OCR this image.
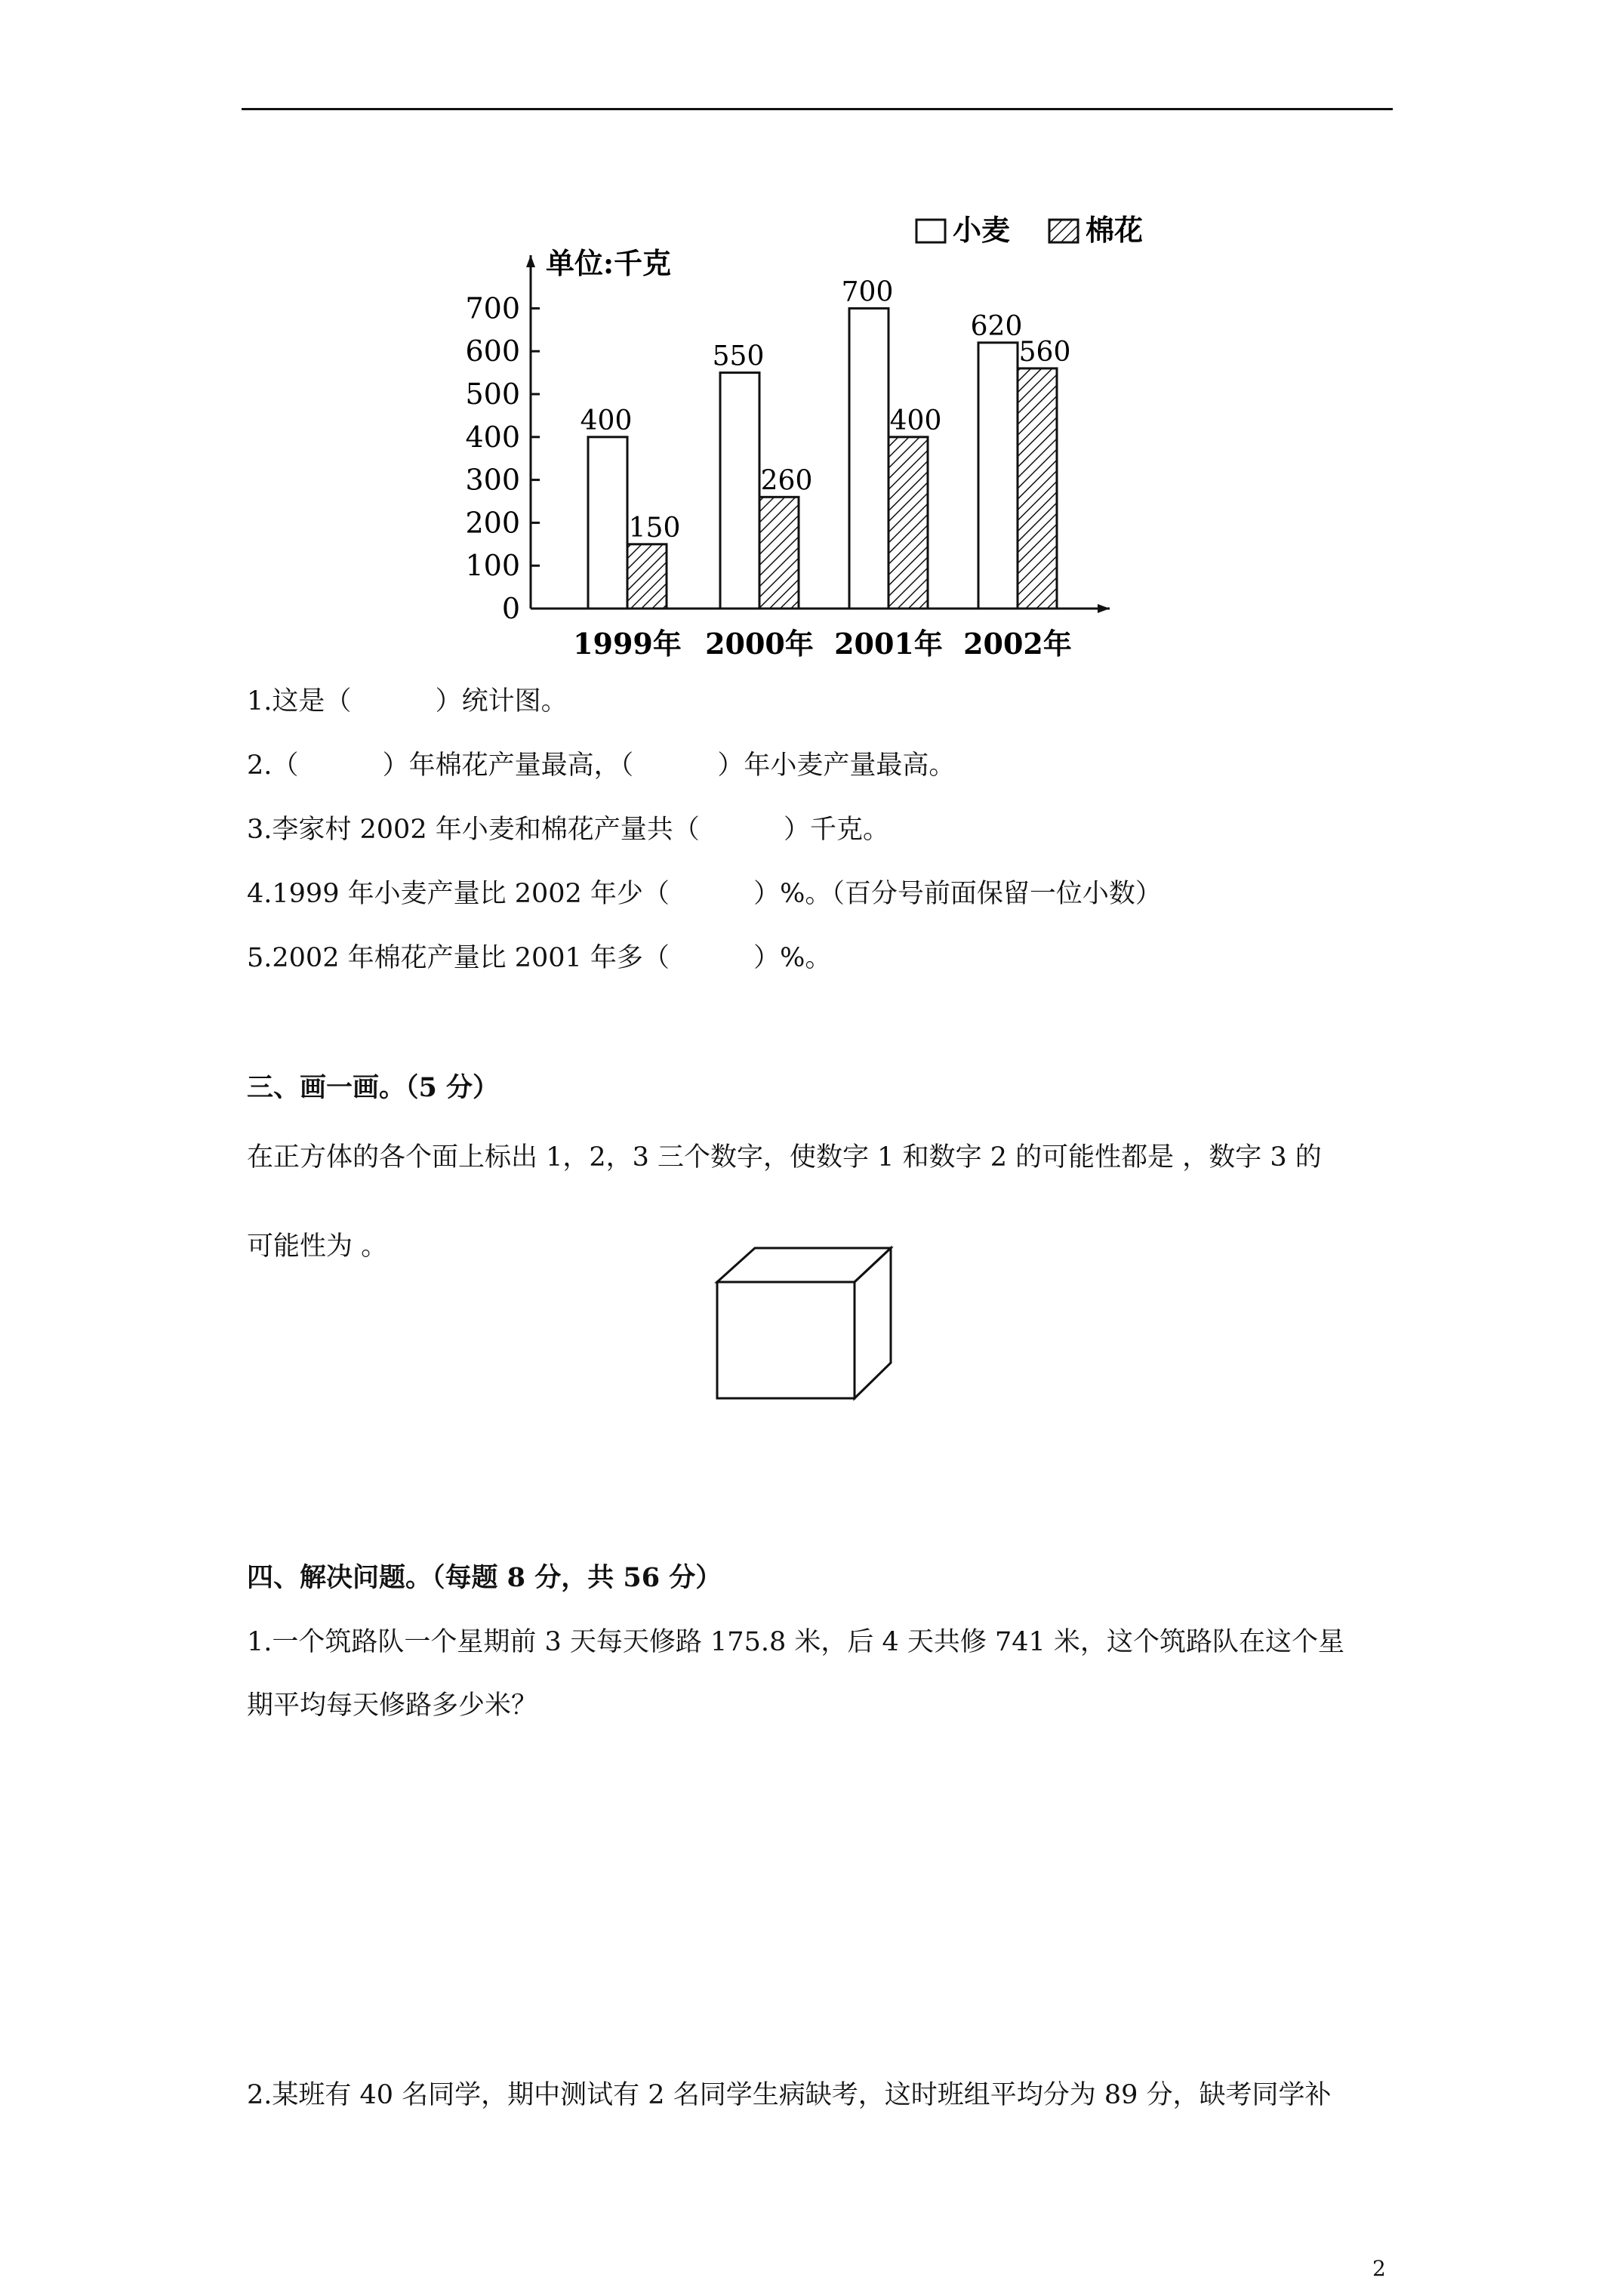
单位:千克
0
100
200
300
400
500
600
700
400
150
1999年
550
260
2000年
700
400
2001年
620
560
2002年
小麦	棉花
1.这是（          ）统计图。
2.（          ）年棉花产量最高，（          ）年小麦产量最高。
3.李家村 2002 年小麦和棉花产量共（          ）千克。
4.1999 年小麦产量比 2002 年少（          ）%。（百分号前面保留一位小数）
5.2002 年棉花产量比 2001 年多（          ）%。
三、画一画。（5 分）
在正方体的各个面上标出 1，2，3 三个数字，使数字 1 和数字 2 的可能性都是 ，数字 3 的
可能性为 。
四、解决问题。（每题 8 分，共 56 分）
1.一个筑路队一个星期前 3 天每天修路 175.8 米，后 4 天共修 741 米，这个筑路队在这个星
期平均每天修路多少米？
2.某班有 40 名同学，期中测试有 2 名同学生病缺考，这时班组平均分为 89 分，缺考同学补
2
